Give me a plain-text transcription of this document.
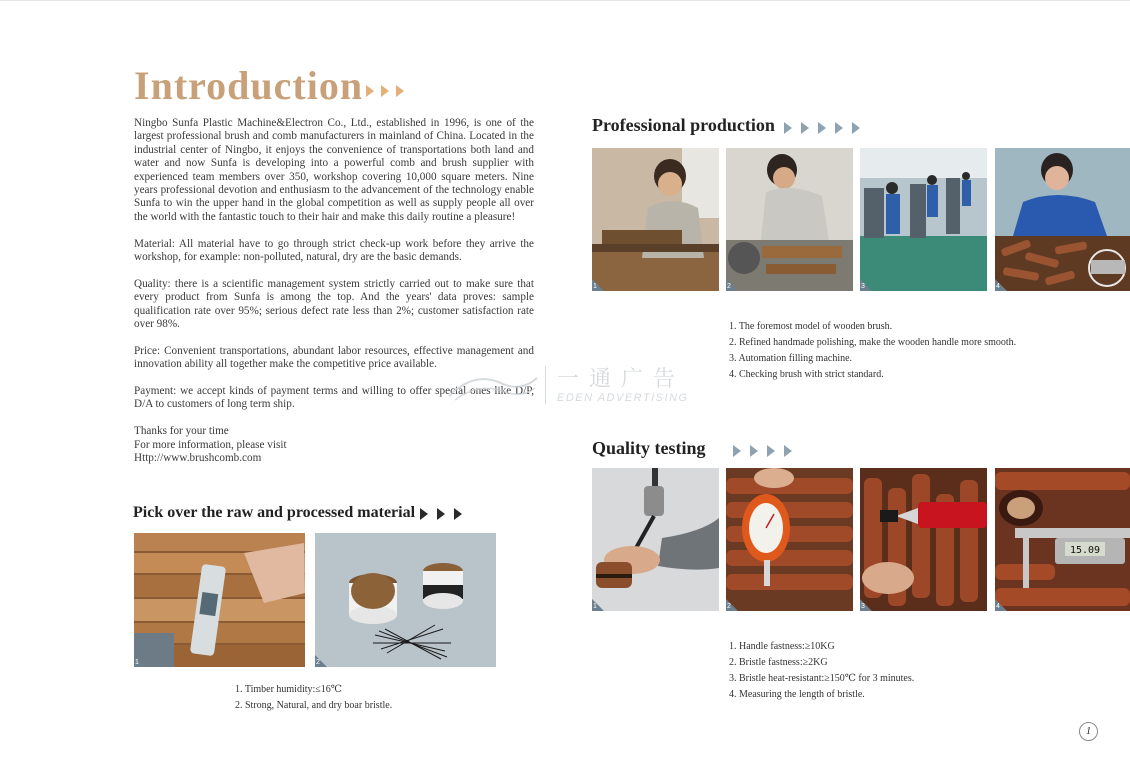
Introduction

Ningbo Sunfa Plastic Machine&Electron Co., Ltd., established in 1996, is one of the largest professional brush and comb manufacturers in mainland of China. Located in the industrial center of Ningbo, it enjoys the convenience of transportations both land and water and now Sunfa is developing into a powerful comb and brush supplier with experienced team members over 350, workshop covering 10,000 square meters. Nine years professional devotion and enthusiasm to the advancement of the technology enable Sunfa to win the upper hand in the global competition as well as supply people all over the world with the fantastic touch to their hair and make this daily routine a pleasure!

Material: All material have to go through strict check-up work before they arrive the workshop, for example: non-polluted, natural, dry are the basic demands.

Quality: there is a scientific management system strictly carried out to make sure that every product from Sunfa is among the top. And the years' data proves: sample qualification rate over 95%; serious defect rate less than 2%; customer satisfaction rate over 98%.

Price: Convenient transportations, abundant labor resources, effective management and innovation ability all together make the competitive price available.

Payment: we accept kinds of payment terms and willing to offer special ones like D/P, D/A to customers of long term ship.

Thanks for your time
For more information, please visit
Http://www.brushcomb.com
Pick over the raw and processed material
1	2
1. Timber humidity:≤16℃
2. Strong, Natural, and dry boar bristle.
一通广告
EDEN ADVERTISING
Professional production
1	2	3	4
1. The foremost model of wooden brush.
2. Refined handmade polishing, make the wooden handle more smooth.
3. Automation filling machine.
4. Checking brush with strict standard.
Quality testing
1	2	3
15.09
4
1. Handle fastness:≥10KG
2. Bristle fastness:≥2KG
3. Bristle heat-resistant:≥150℃ for 3 minutes.
4. Measuring the length of bristle.
1
